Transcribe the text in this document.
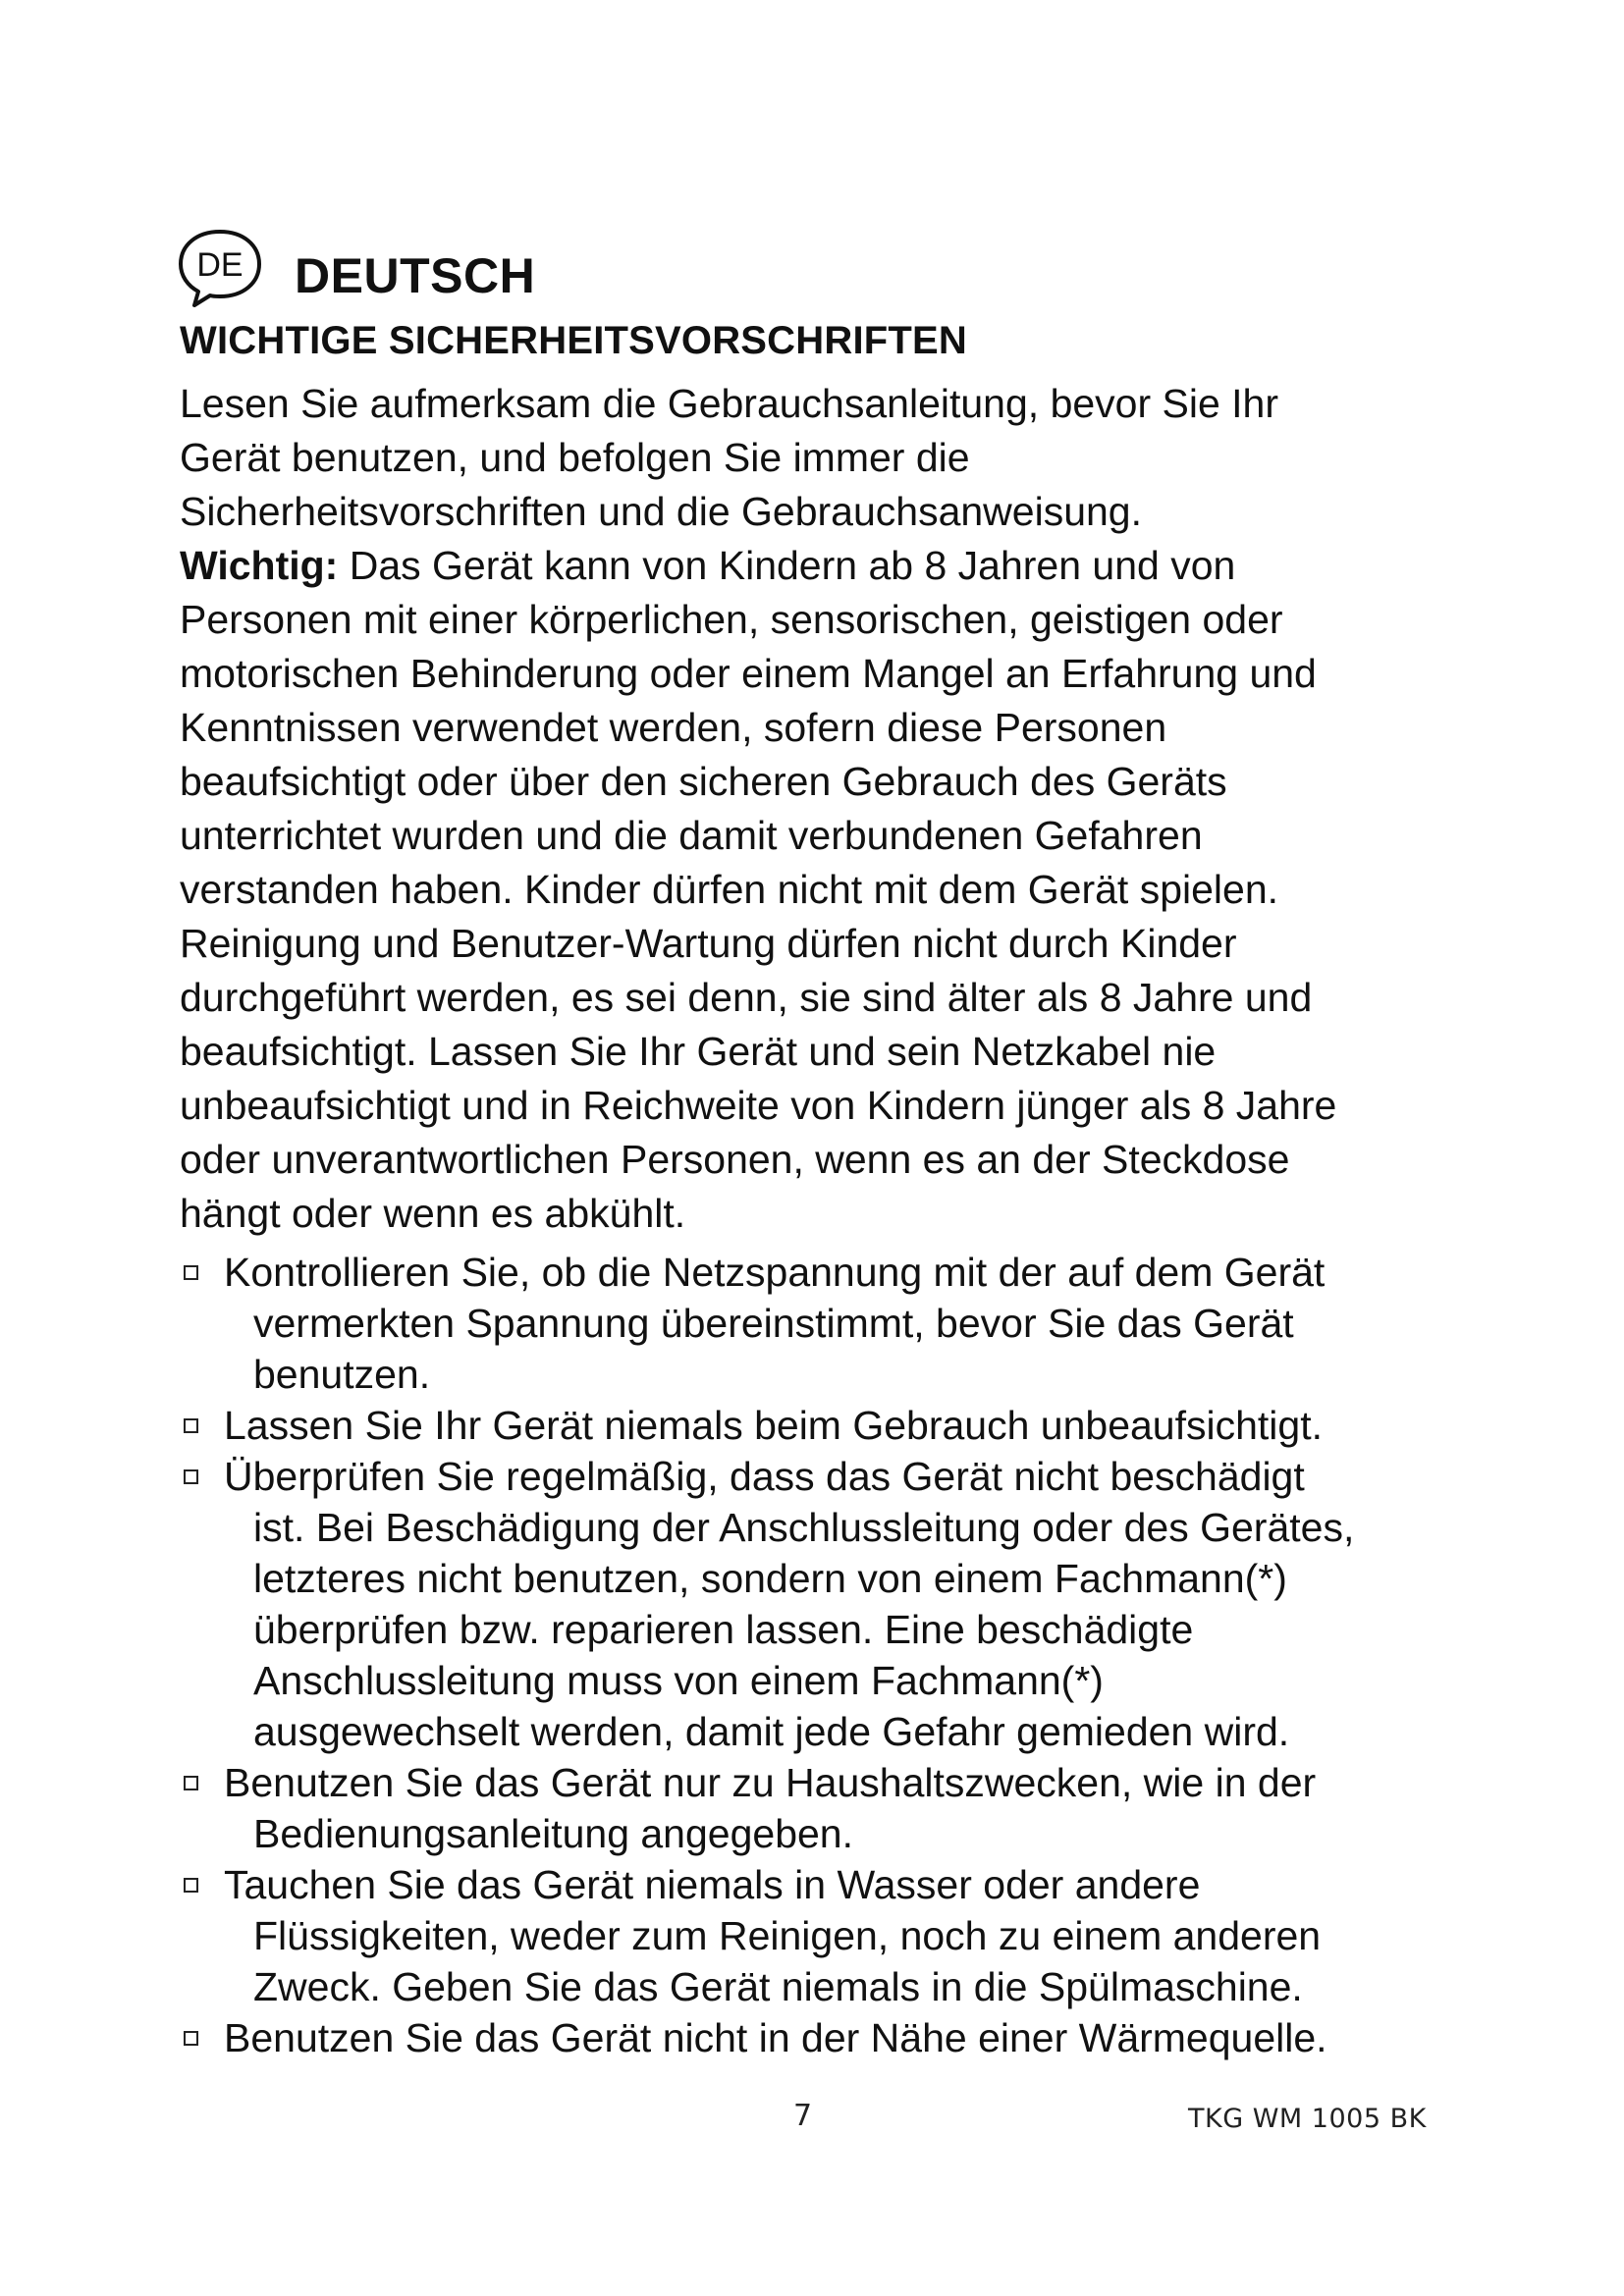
DE DEUTSCH
WICHTIGE SICHERHEITSVORSCHRIFTEN
Lesen Sie aufmerksam die Gebrauchsanleitung, bevor Sie Ihr
Gerät benutzen, und befolgen Sie immer die
Sicherheitsvorschriften und die Gebrauchsanweisung.
Wichtig: Das Gerät kann von Kindern ab 8 Jahren und von
Personen mit einer körperlichen, sensorischen, geistigen oder
motorischen Behinderung oder einem Mangel an Erfahrung und
Kenntnissen verwendet werden, sofern diese Personen
beaufsichtigt oder über den sicheren Gebrauch des Geräts
unterrichtet wurden und die damit verbundenen Gefahren
verstanden haben. Kinder dürfen nicht mit dem Gerät spielen.
Reinigung und Benutzer-Wartung dürfen nicht durch Kinder
durchgeführt werden, es sei denn, sie sind älter als 8 Jahre und
beaufsichtigt. Lassen Sie Ihr Gerät und sein Netzkabel nie
unbeaufsichtigt und in Reichweite von Kindern jünger als 8 Jahre
oder unverantwortlichen Personen, wenn es an der Steckdose
hängt oder wenn es abkühlt.
Kontrollieren Sie, ob die Netzspannung mit der auf dem Gerät
vermerkten Spannung übereinstimmt, bevor Sie das Gerät
benutzen.
Lassen Sie Ihr Gerät niemals beim Gebrauch unbeaufsichtigt.
Überprüfen Sie regelmäßig, dass das Gerät nicht beschädigt
ist. Bei Beschädigung der Anschlussleitung oder des Gerätes,
letzteres nicht benutzen, sondern von einem Fachmann(*)
überprüfen bzw. reparieren lassen. Eine beschädigte
Anschlussleitung muss von einem Fachmann(*)
ausgewechselt werden, damit jede Gefahr gemieden wird.
Benutzen Sie das Gerät nur zu Haushaltszwecken, wie in der
Bedienungsanleitung angegeben.
Tauchen Sie das Gerät niemals in Wasser oder andere
Flüssigkeiten, weder zum Reinigen, noch zu einem anderen
Zweck. Geben Sie das Gerät niemals in die Spülmaschine.
Benutzen Sie das Gerät nicht in der Nähe einer Wärmequelle.
7	TKG WM 1005 BK
